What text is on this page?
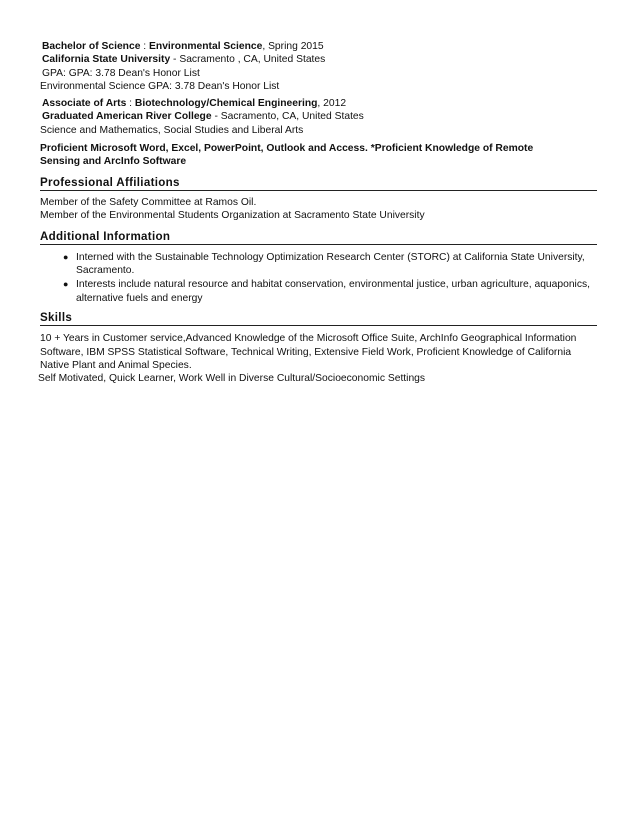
Bachelor of Science : Environmental Science, Spring 2015
California State University - Sacramento , CA, United States
GPA: GPA: 3.78 Dean's Honor List
Environmental Science GPA: 3.78 Dean's Honor List
Associate of Arts : Biotechnology/Chemical Engineering, 2012
Graduated American River College - Sacramento, CA, United States
Science and Mathematics, Social Studies and Liberal Arts
Proficient Microsoft Word, Excel, PowerPoint, Outlook and Access. *Proficient Knowledge of Remote
Sensing and ArcInfo Software
Professional Affiliations
Member of the Safety Committee at Ramos Oil.
Member of the Environmental Students Organization at Sacramento State University
Additional Information
● Interned with the Sustainable Technology Optimization Research Center (STORC) at California State University,
Sacramento.
● Interests include natural resource and habitat conservation, environmental justice, urban agriculture, aquaponics,
alternative fuels and energy
Skills
10 + Years in Customer service,Advanced Knowledge of the Microsoft Office Suite, ArchInfo Geographical Information
Software, IBM SPSS Statistical Software, Technical Writing, Extensive Field Work, Proficient Knowledge of California
Native Plant and Animal Species.
Self Motivated, Quick Learner, Work Well in Diverse Cultural/Socioeconomic Settings
